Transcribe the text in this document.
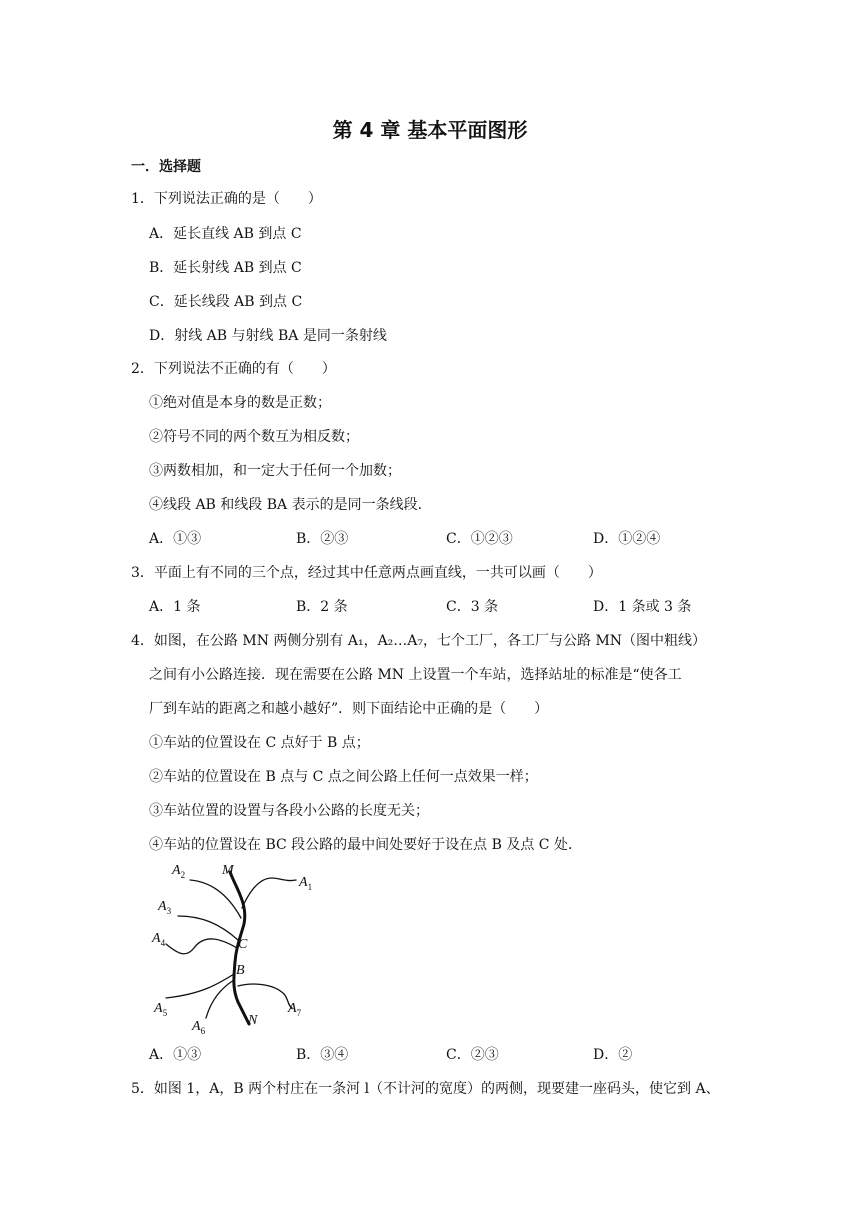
第 4 章 基本平面图形
一．选择题
1．下列说法正确的是（　　）
A．延长直线 AB 到点 C
B．延长射线 AB 到点 C
C．延长线段 AB 到点 C
D．射线 AB 与射线 BA 是同一条射线
2．下列说法不正确的有（　　）
①绝对值是本身的数是正数；
②符号不同的两个数互为相反数；
③两数相加，和一定大于任何一个加数；
④线段 AB 和线段 BA 表示的是同一条线段．
A．①③	B．②③	C．①②③	D．①②④
3．平面上有不同的三个点，经过其中任意两点画直线，一共可以画（　　）
A．1 条	B．2 条	C．3 条	D．1 条或 3 条
4．如图，在公路 MN 两侧分别有 A₁，A₂…A₇，七个工厂，各工厂与公路 MN（图中粗线）
之间有小公路连接．现在需要在公路 MN 上设置一个车站，选择站址的标准是“使各工
厂到车站的距离之和越小越好”．则下面结论中正确的是（　　）
①车站的位置设在 C 点好于 B 点；
②车站的位置设在 B 点与 C 点之间公路上任何一点效果一样；
③车站位置的设置与各段小公路的长度无关；
④车站的位置设在 BC 段公路的最中间处要好于设在点 B 及点 C 处．
M
N
C
B
$A_1$
$A_2$
$A_3$
$A_4$
$A_5$
$A_6$
$A_7$
A．①③	B．③④	C．②③	D．②
5．如图 1，A，B 两个村庄在一条河 l（不计河的宽度）的两侧，现要建一座码头，使它到 A、
